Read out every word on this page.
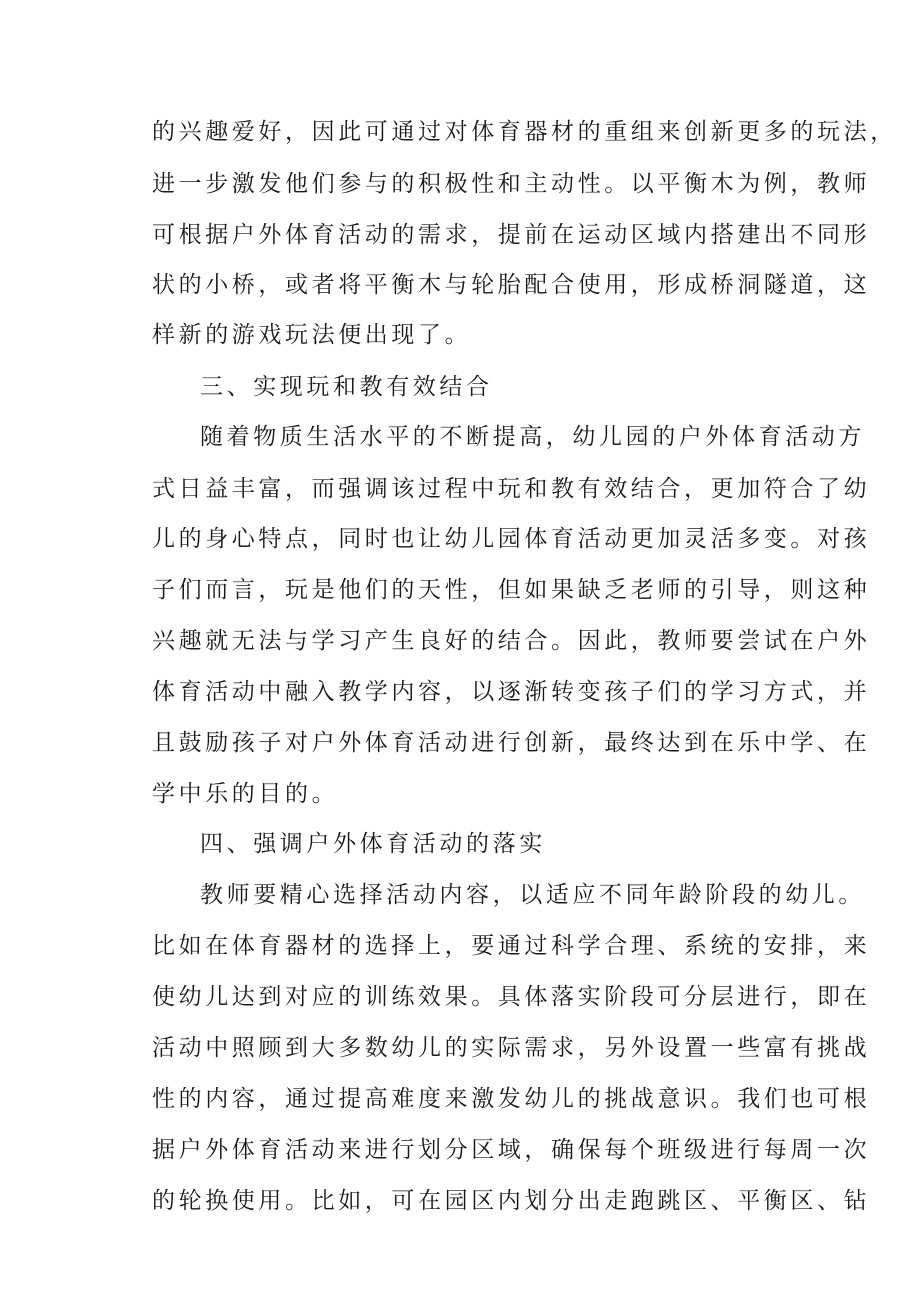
的兴趣爱好，因此可通过对体育器材的重组来创新更多的玩法，
进一步激发他们参与的积极性和主动性。以平衡木为例，教师
可根据户外体育活动的需求，提前在运动区域内搭建出不同形
状的小桥，或者将平衡木与轮胎配合使用，形成桥洞隧道，这
样新的游戏玩法便出现了。
三、实现玩和教有效结合
随着物质生活水平的不断提高，幼儿园的户外体育活动方
式日益丰富，而强调该过程中玩和教有效结合，更加符合了幼
儿的身心特点，同时也让幼儿园体育活动更加灵活多变。对孩
子们而言，玩是他们的天性，但如果缺乏老师的引导，则这种
兴趣就无法与学习产生良好的结合。因此，教师要尝试在户外
体育活动中融入教学内容，以逐渐转变孩子们的学习方式，并
且鼓励孩子对户外体育活动进行创新，最终达到在乐中学、在
学中乐的目的。
四、强调户外体育活动的落实
教师要精心选择活动内容，以适应不同年龄阶段的幼儿。
比如在体育器材的选择上，要通过科学合理、系统的安排，来
使幼儿达到对应的训练效果。具体落实阶段可分层进行，即在
活动中照顾到大多数幼儿的实际需求，另外设置一些富有挑战
性的内容，通过提高难度来激发幼儿的挑战意识。我们也可根
据户外体育活动来进行划分区域，确保每个班级进行每周一次
的轮换使用。比如，可在园区内划分出走跑跳区、平衡区、钻
